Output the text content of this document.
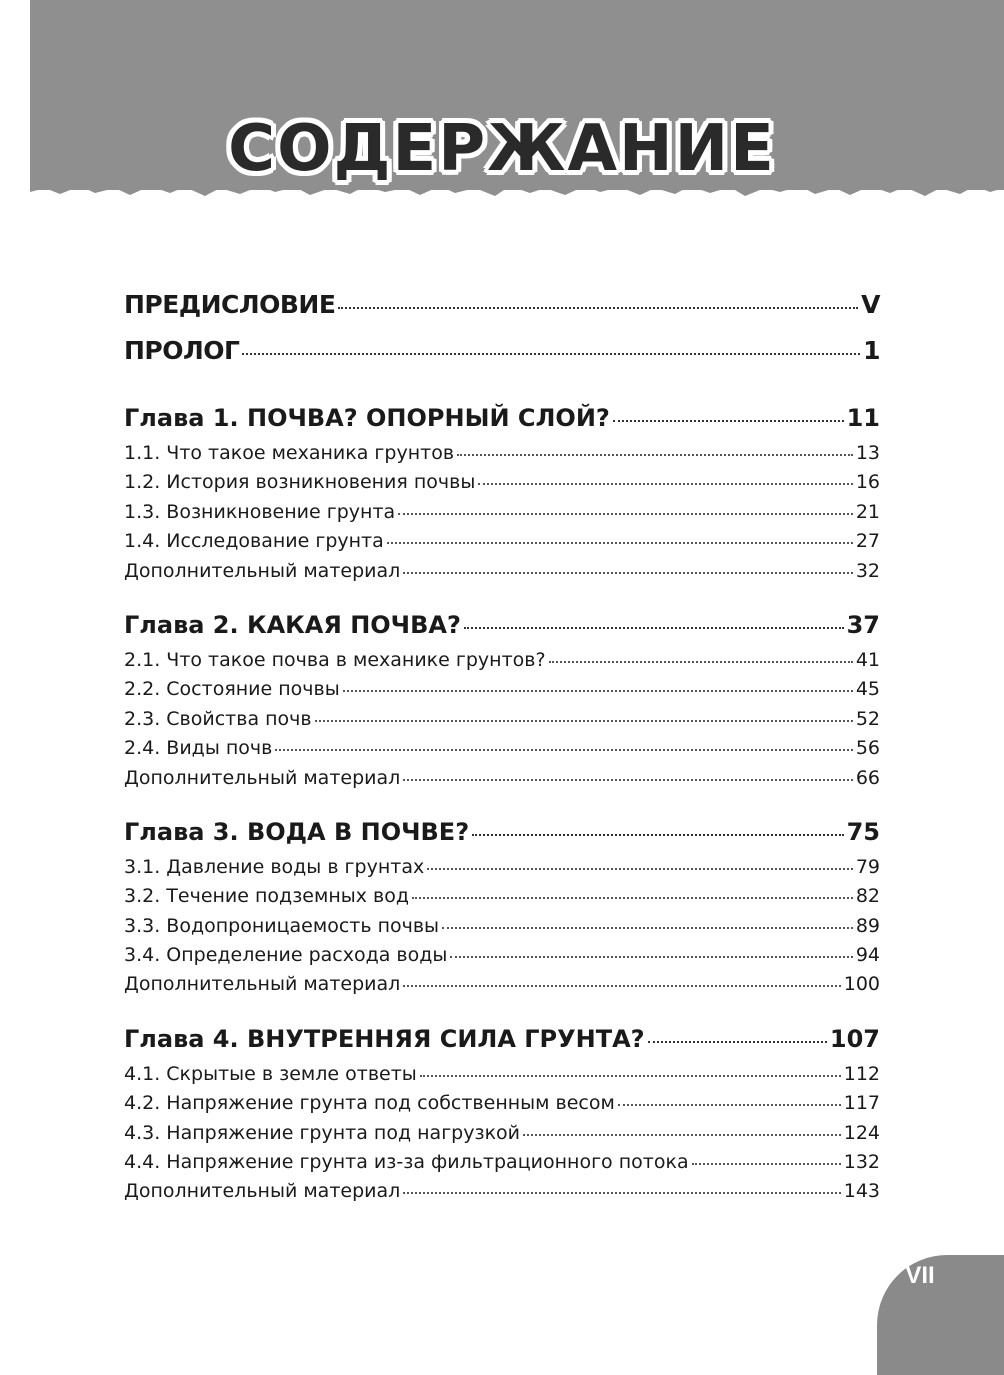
СОДЕРЖАНИЕ
ПРЕДИСЛОВИЕ	V
ПРОЛОГ	1
Глава 1. ПОЧВА? ОПОРНЫЙ СЛОЙ?	11
1.1. Что такое механика грунтов	13
1.2. История возникновения почвы	16
1.3. Возникновение грунта	21
1.4. Исследование грунта	27
Дополнительный материал	32
Глава 2. КАКАЯ ПОЧВА?	37
2.1. Что такое почва в механике грунтов?	41
2.2. Состояние почвы	45
2.3. Свойства почв	52
2.4. Виды почв	56
Дополнительный материал	66
Глава 3. ВОДА В ПОЧВЕ?	75
3.1. Давление воды в грунтах	79
3.2. Течение подземных вод	82
3.3. Водопроницаемость почвы	89
3.4. Определение расхода воды	94
Дополнительный материал	100
Глава 4. ВНУТРЕННЯЯ СИЛА ГРУНТА?	107
4.1. Скрытые в земле ответы	112
4.2. Напряжение грунта под собственным весом	117
4.3. Напряжение грунта под нагрузкой	124
4.4. Напряжение грунта из-за фильтрационного потока	132
Дополнительный материал	143
VII
